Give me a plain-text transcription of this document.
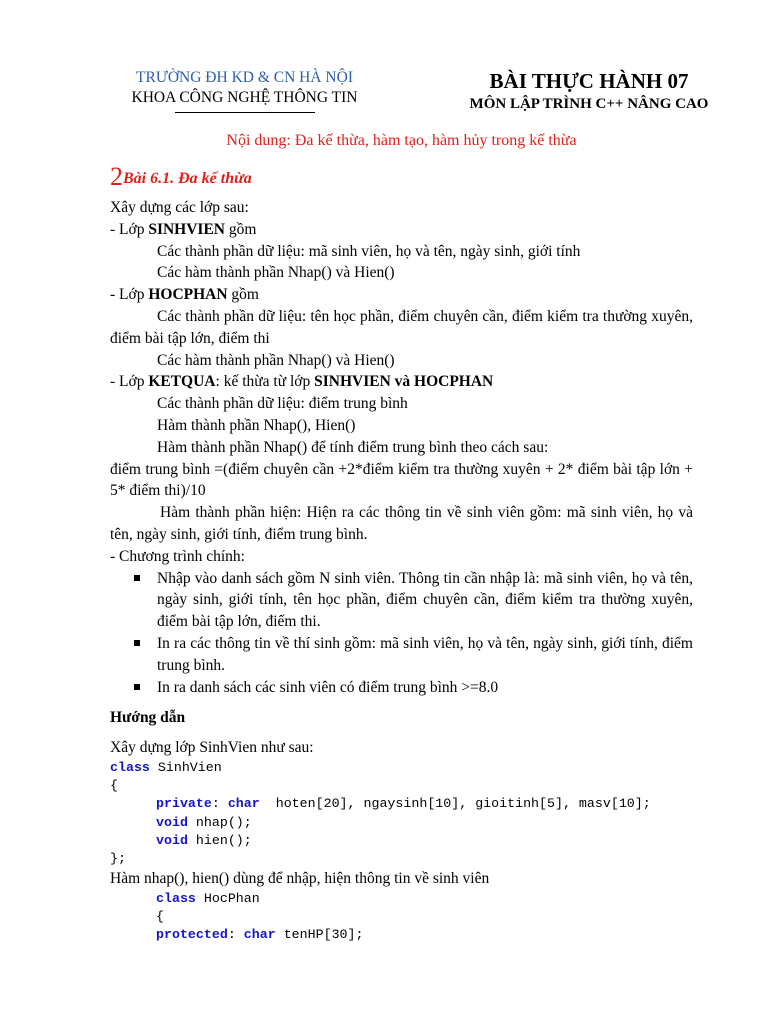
TRƯỜNG ĐH KD & CN HÀ NỘI
KHOA CÔNG NGHỆ THÔNG TIN
BÀI THỰC HÀNH 07
MÔN LẬP TRÌNH C++ NÂNG CAO
Nội dung: Đa kế thừa, hàm tạo, hàm hủy trong kế thừa
2Bài 6.1. Đa kế thừa

Xây dựng các lớp sau:

- Lớp SINHVIEN gồm

Các thành phần dữ liệu: mã sinh viên, họ và tên, ngày sinh, giới tính

Các hàm thành phần Nhap() và Hien()

- Lớp HOCPHAN gồm

Các thành phần dữ liệu: tên học phần, điểm chuyên cần, điểm kiểm tra thường xuyên, điểm bài tập lớn, điểm thi

Các hàm thành phần Nhap() và Hien()

- Lớp KETQUA: kế thừa từ lớp SINHVIEN và HOCPHAN

Các thành phần dữ liệu: điểm trung bình

Hàm thành phần Nhap(), Hien()

Hàm thành phần Nhap() để tính điểm trung bình theo cách sau:

điểm trung bình =(điểm chuyên cần +2*điểm kiểm tra thường xuyên + 2* điểm bài tập lớn + 5* điểm thi)/10

Hàm thành phần hiện: Hiện ra các thông tin về sinh viên gồm: mã sinh viên, họ và tên, ngày sinh, giới tính, điểm trung bình.

- Chương trình chính:

Nhập vào danh sách gồm N sinh viên. Thông tin cần nhập là: mã sinh viên, họ và tên, ngày sinh, giới tính, tên học phần, điểm chuyên cần, điểm kiểm tra thường xuyên, điểm bài tập lớn, điểm thi.
In ra các thông tin về thí sinh gồm: mã sinh viên, họ và tên, ngày sinh, giới tính, điểm trung bình.
In ra danh sách các sinh viên có điểm trung bình >=8.0

Hướng dẫn

Xây dựng lớp SinhVien như sau:

class SinhVien
{
private: char  hoten[20], ngaysinh[10], gioitinh[5], masv[10];
void nhap();
void hien();
};

Hàm nhap(), hien() dùng để nhập, hiện thông tin về sinh viên

class HocPhan
{
protected: char tenHP[30];
